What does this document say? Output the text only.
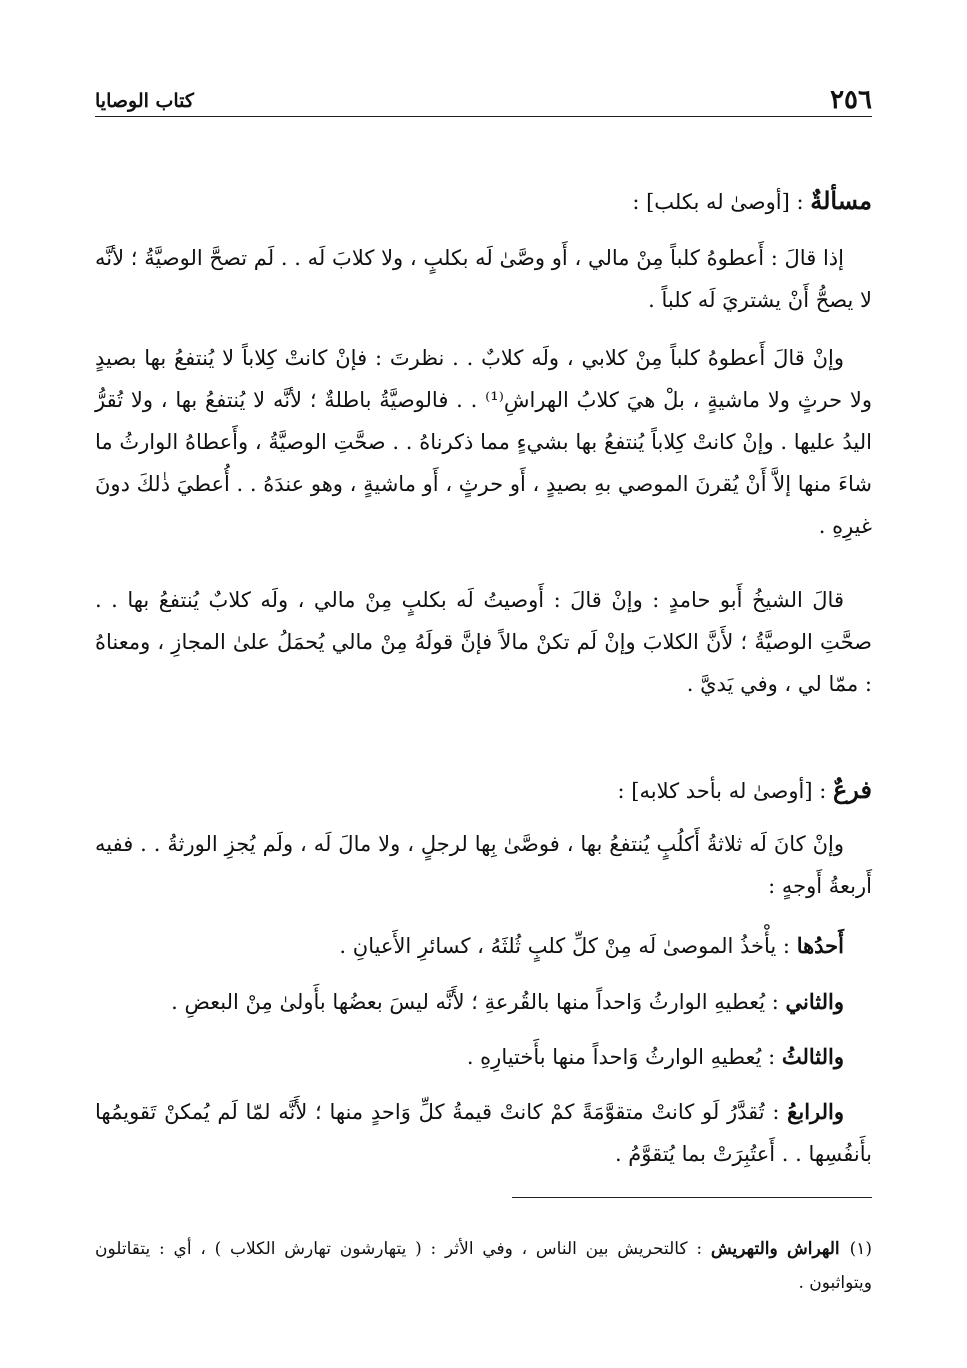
٢٥٦
كتاب الوصايا
مسألةٌ : [أوصىٰ له بكلب] :

إذا قالَ : أَعطوهُ كلباً مِنْ مالي ، أَو وصَّىٰ لَه بكلبٍ ، ولا كلابَ لَه . . لَم تصحَّ الوصيَّةُ ؛ لأنَّه لا يصحُّ أَنْ يشتريَ لَه كلباً .

وإنْ قالَ أَعطوهُ كلباً مِنْ كلابي ، ولَه كلابٌ . . نظرتَ : فإنْ كانتْ كِلاباً لا يُنتفعُ بها بصيدٍ ولا حرثٍ ولا ماشيةٍ ، بلْ هيَ كلابُ الهراشِ⁽¹⁾ . . فالوصيَّةُ باطلةٌ ؛ لأنَّه لا يُنتفعُ بها ، ولا تُقرُّ اليدُ عليها . وإنْ كانتْ كِلاباً يُنتفعُ بها بشيءٍ مما ذكرناهُ . . صحَّتِ الوصيَّةُ ، وأَعطاهُ الوارثُ ما شاءَ منها إلاَّ أَنْ يُقرنَ الموصي بهِ بصيدٍ ، أَو حرثٍ ، أَو ماشيةٍ ، وهو عندَهُ . . أُعطيَ ذٰلكَ دونَ غيرِهِ .

قالَ الشيخُ أَبو حامدٍ : وإنْ قالَ : أَوصيتُ لَه بكلبٍ مِنْ مالي ، ولَه كلابٌ يُنتفعُ بها . . صحَّتِ الوصيَّةُ ؛ لأَنَّ الكلابَ وإنْ لَم تكنْ مالاً فإنَّ قولَهُ مِنْ مالي يُحمَلُ علىٰ المجازِ ، ومعناهُ : ممّا لي ، وفي يَديَّ .

فرعٌ : [أوصىٰ له بأحد كلابه] :

وإنْ كانَ لَه ثلاثةُ أَكلُبٍ يُنتفعُ بها ، فوصَّىٰ بِها لرجلٍ ، ولا مالَ لَه ، ولَم يُجزِ الورثةُ . . ففيه أَربعةُ أَوجهٍ :

أَحدُها : يأْخذُ الموصىٰ لَه مِنْ كلِّ كلبٍ ثُلثَهُ ، كسائرِ الأَعيانِ .

والثاني : يُعطيهِ الوارثُ وَاحداً منها بالقُرعةِ ؛ لأَنَّه ليسَ بعضُها بأَولىٰ مِنْ البعضِ .

والثالثُ : يُعطيهِ الوارثُ وَاحداً منها بأَختيارِهِ .

والرابعُ : تُقدَّرُ لَو كانتْ متقوَّمَةً كمْ كانتْ قيمةُ كلِّ وَاحدٍ منها ؛ لأَنَّه لمّا لَم يُمكنْ تَقويمُها بأَنفُسِها . . أَعتُبِرَتْ بما يُتقوَّمُ .

(١)الهراش والتهريش : كالتحريش بين الناس ، وفي الأثر : ( يتهارشون تهارش الكلاب ) ، أي : يتقاتلون ويتواثبون .
